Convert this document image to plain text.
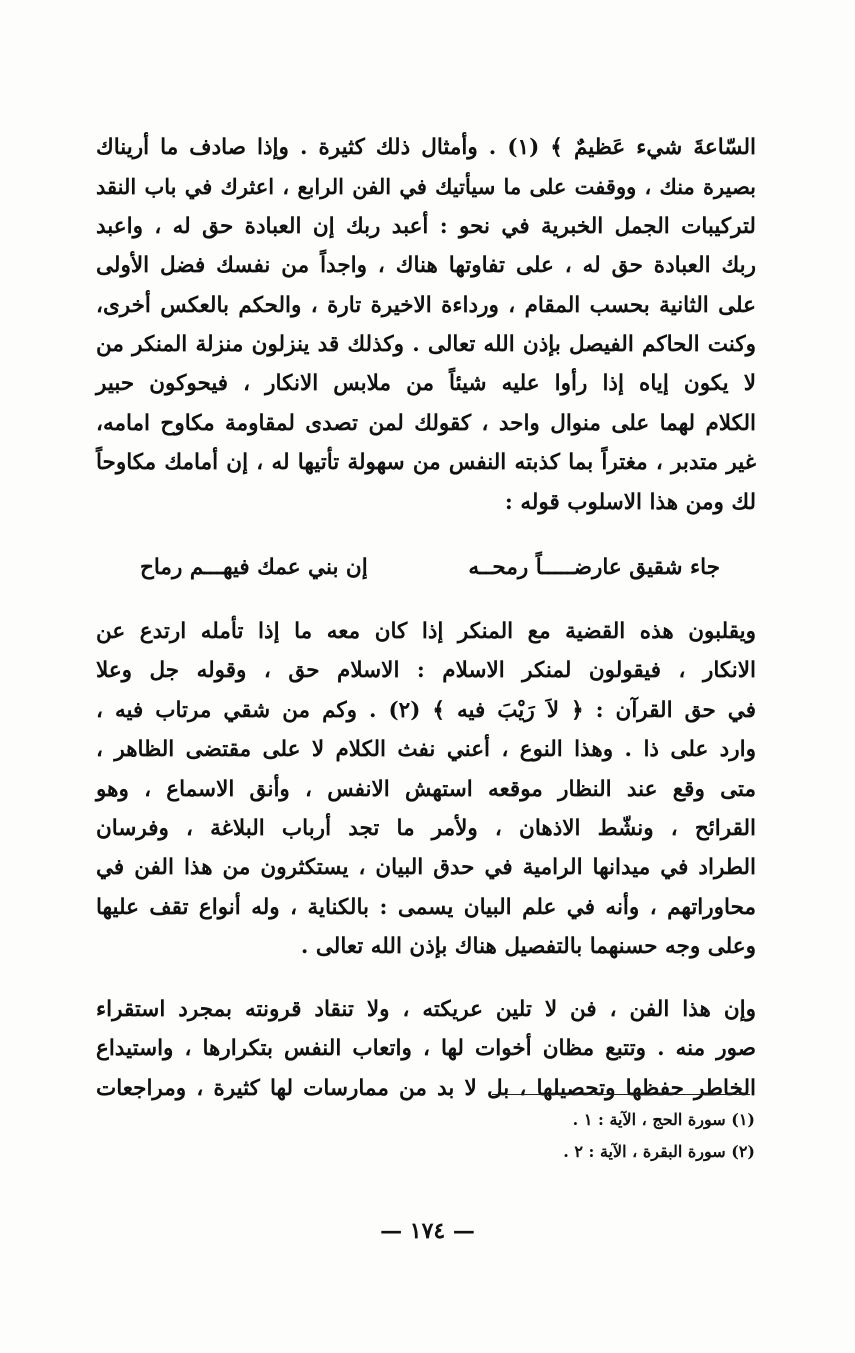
السّاعةَ شيء عَظيمٌ ﴾ (١) . وأمثال ذلك كثيرة . وإذا صادف ما أريناك
بصيرة منك ، ووقفت على ما سيأتيك في الفن الرابع ، اعثرك في باب النقد
لتركيبات الجمل الخبرية في نحو : أعبد ربك إن العبادة حق له ، واعبد
ربك العبادة حق له ، على تفاوتها هناك ، واجداً من نفسك فضل الأولى
على الثانية بحسب المقام ، ورداءة الاخيرة تارة ، والحكم بالعكس أخرى،
وكنت الحاكم الفيصل بإذن الله تعالى . وكذلك قد ينزلون منزلة المنكر من
لا يكون إياه إذا رأوا عليه شيئاً من ملابس الانكار ، فيحوكون حبير
الكلام لهما على منوال واحد ، كقولك لمن تصدى لمقاومة مكاوح امامه،
غير متدبر ، مغتراً بما كذبته النفس من سهولة تأتيها له ، إن أمامك مكاوحاً
لك ومن هذا الاسلوب قوله :
جاء شقيق عارضـــــاً رمحــه
إن بني عمك فيهـــم رماح
ويقلبون هذه القضية مع المنكر إذا كان معه ما إذا تأمله ارتدع عن
الانكار ، فيقولون لمنكر الاسلام : الاسلام حق ، وقوله جل وعلا
في حق القرآن : ﴿ لاَ رَيْبَ فيه ﴾ (٢) . وكم من شقي مرتاب فيه ،
وارد على ذا . وهذا النوع ، أعني نفث الكلام لا على مقتضى الظاهر ،
متى وقع عند النظار موقعه استهش الانفس ، وأنق الاسماع ، وهو
القرائح ، ونشّط الاذهان ، ولأمر ما تجد أرباب البلاغة ، وفرسان
الطراد في ميدانها الرامية في حدق البيان ، يستكثرون من هذا الفن في
محاوراتهم ، وأنه في علم البيان يسمى : بالكناية ، وله أنواع تقف عليها
وعلى وجه حسنهما بالتفصيل هناك بإذن الله تعالى .
وإن هذا الفن ، فن لا تلين عريكته ، ولا تنقاد قرونته بمجرد استقراء
صور منه . وتتبع مظان أخوات لها ، واتعاب النفس بتكرارها ، واستيداع
الخاطر حفظها وتحصيلها ، بل لا بد من ممارسات لها كثيرة ، ومراجعات
(١) سورة الحج ، الآية : ١ .
(٢) سورة البقرة ، الآية : ٢ .
— ١٧٤ —
